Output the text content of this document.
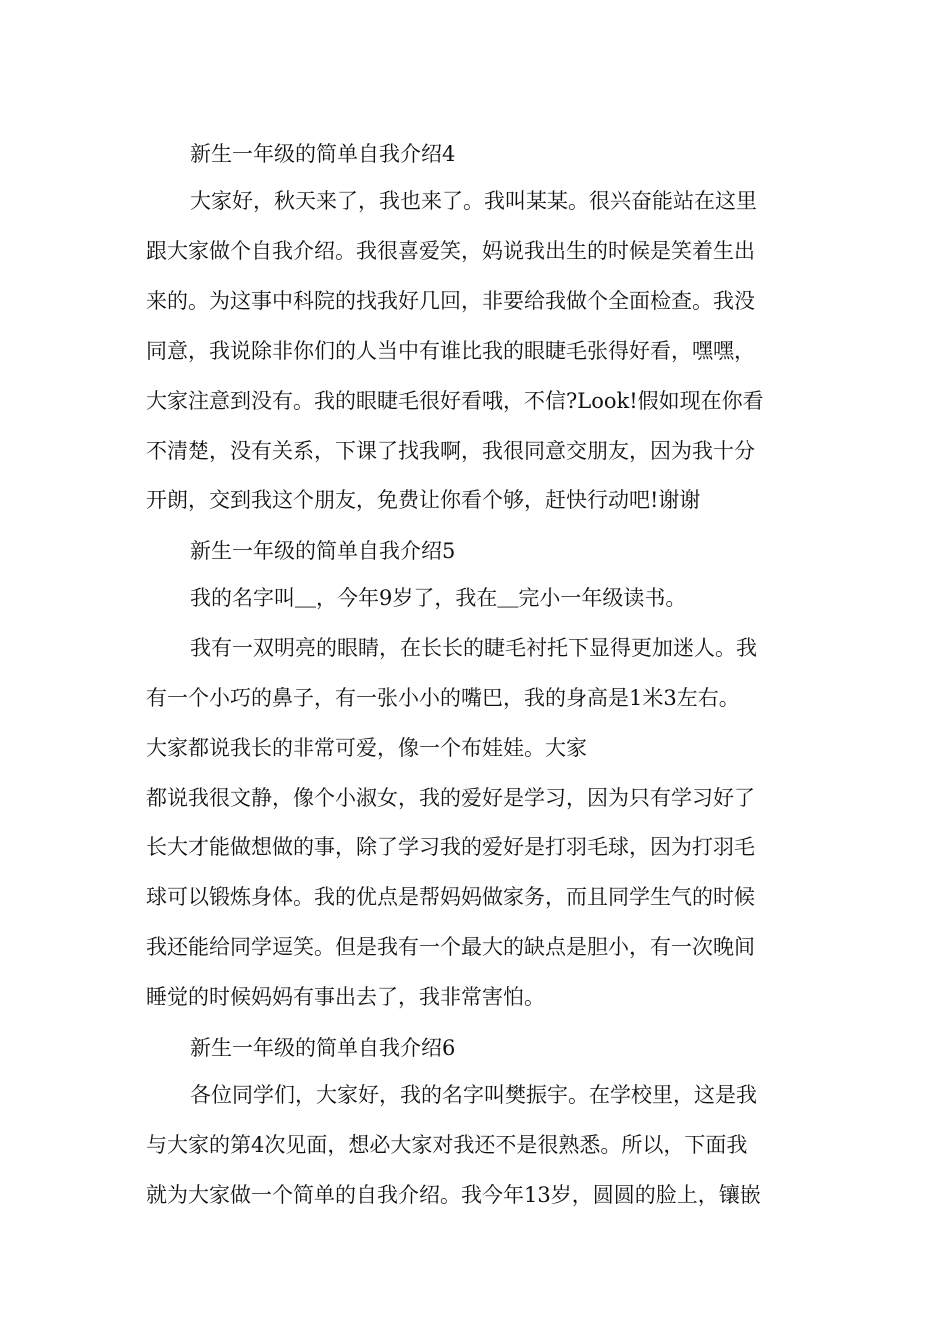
新生一年级的简单自我介绍4
大家好，秋天来了，我也来了。我叫某某。很兴奋能站在这里
跟大家做个自我介绍。我很喜爱笑，妈说我出生的时候是笑着生出
来的。为这事中科院的找我好几回，非要给我做个全面检查。我没
同意，我说除非你们的人当中有谁比我的眼睫毛张得好看，嘿嘿，
大家注意到没有。我的眼睫毛很好看哦，不信?Look!假如现在你看
不清楚，没有关系，下课了找我啊，我很同意交朋友，因为我十分
开朗，交到我这个朋友，免费让你看个够，赶快行动吧!谢谢
新生一年级的简单自我介绍5
我的名字叫＿，今年9岁了，我在＿完小一年级读书。
我有一双明亮的眼睛，在长长的睫毛衬托下显得更加迷人。我
有一个小巧的鼻子，有一张小小的嘴巴，我的身高是1米3左右。
大家都说我长的非常可爱，像一个布娃娃。大家
都说我很文静，像个小淑女，我的爱好是学习，因为只有学习好了
长大才能做想做的事，除了学习我的爱好是打羽毛球，因为打羽毛
球可以锻炼身体。我的优点是帮妈妈做家务，而且同学生气的时候
我还能给同学逗笑。但是我有一个最大的缺点是胆小，有一次晚间
睡觉的时候妈妈有事出去了，我非常害怕。
新生一年级的简单自我介绍6
各位同学们，大家好，我的名字叫樊振宇。在学校里，这是我
与大家的第4次见面，想必大家对我还不是很熟悉。所以，下面我
就为大家做一个简单的自我介绍。我今年13岁，圆圆的脸上，镶嵌
